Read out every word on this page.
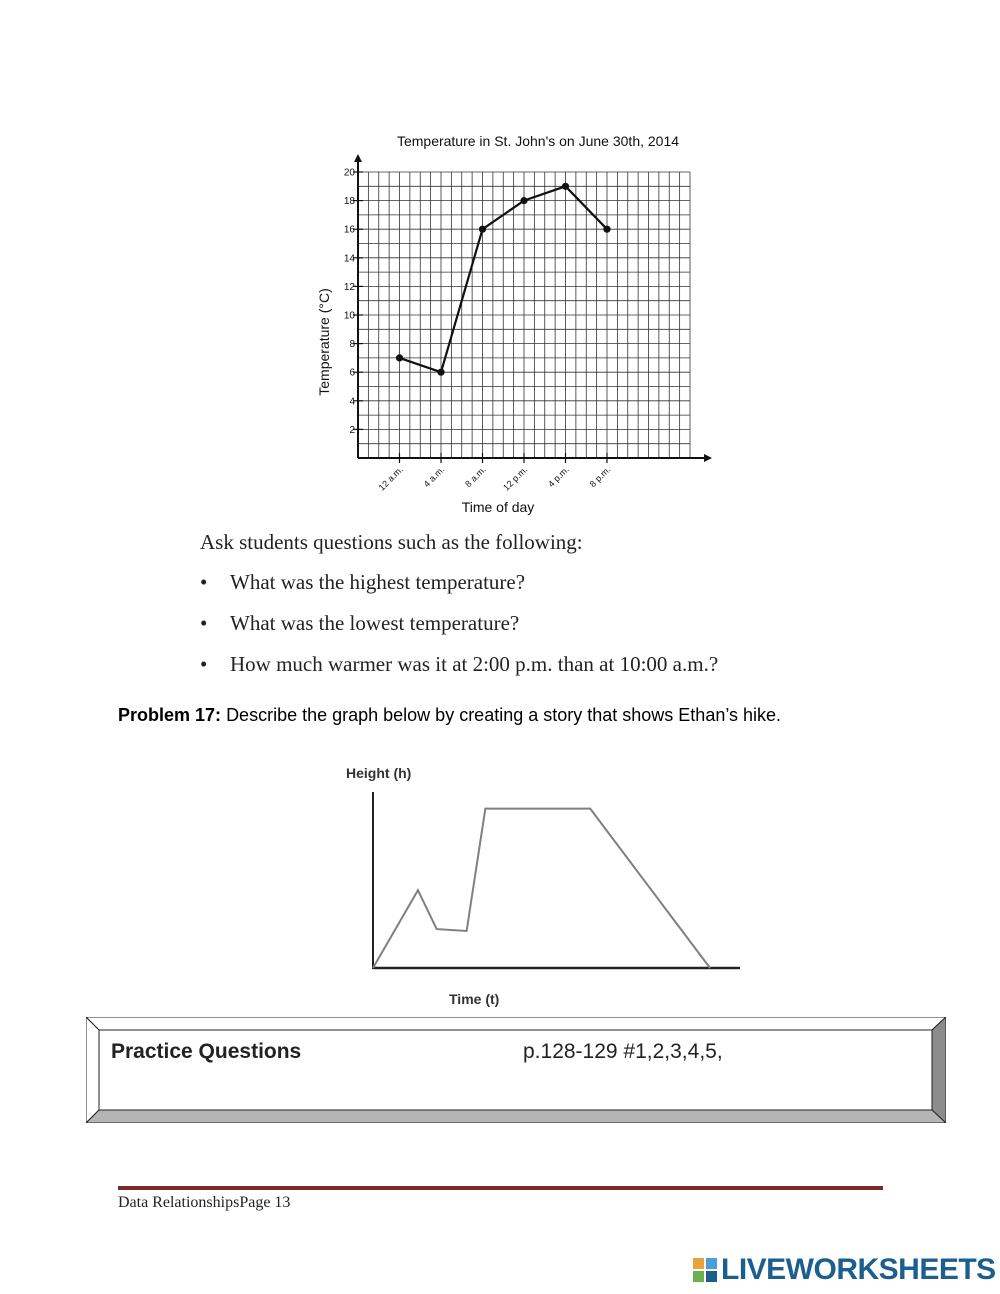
Temperature in St. John's on June 30th, 2014
2
4
6
8
10
12
14
16
18
20
12 a.m. 4 a.m. 8 a.m. 12 p.m. 4 p.m. 8 p.m.
Time of day
Temperature (°C)
Ask students questions such as the following:
• What was the highest temperature?
• What was the lowest temperature?
• How much warmer was it at 2:00 p.m. than at 10:00 a.m.?
Problem 17: Describe the graph below by creating a story that shows Ethan’s hike.
Height (h)
Time (t)
Practice Questions	p.128-129 #1,2,3,4,5,
Data RelationshipsPage 13
LIVEWORKSHEETS
